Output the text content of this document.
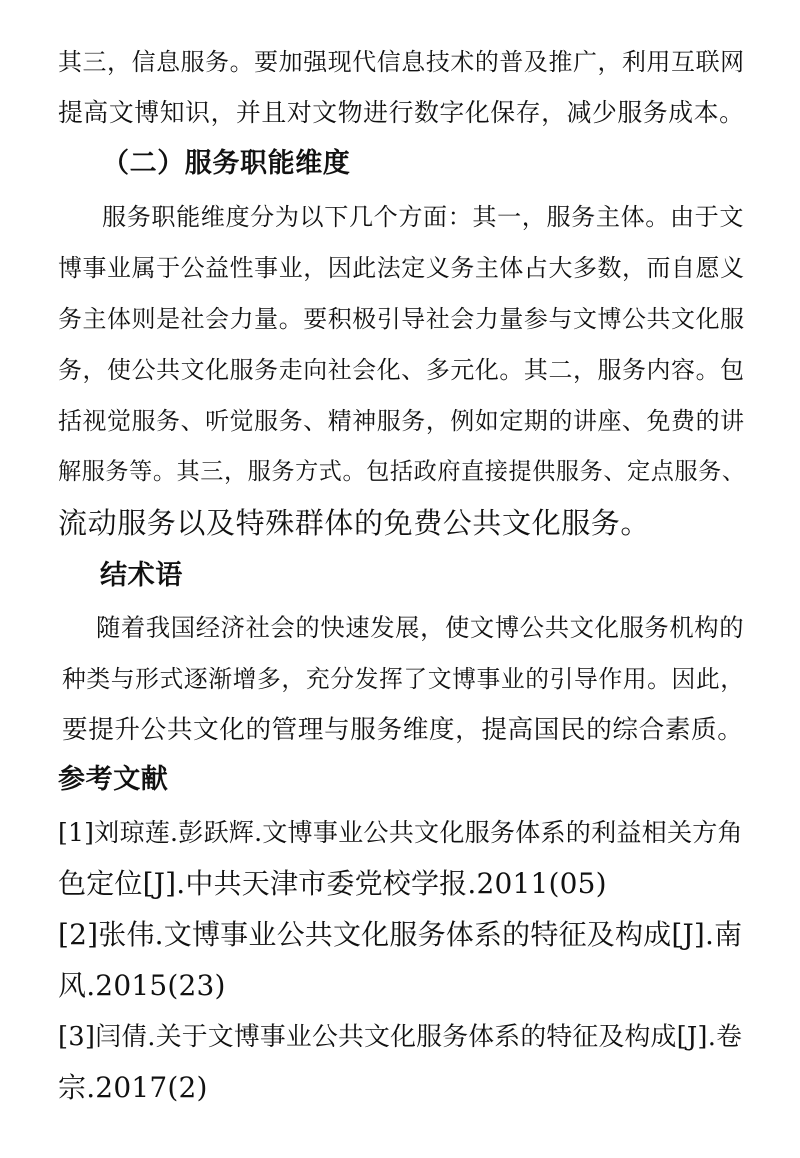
其三，信息服务。要加强现代信息技术的普及推广，利用互联网
提高文博知识，并且对文物进行数字化保存，减少服务成本。
（二）服务职能维度
服务职能维度分为以下几个方面：其一，服务主体。由于文
博事业属于公益性事业，因此法定义务主体占大多数，而自愿义
务主体则是社会力量。要积极引导社会力量参与文博公共文化服
务，使公共文化服务走向社会化、多元化。其二，服务内容。包
括视觉服务、听觉服务、精神服务，例如定期的讲座、免费的讲
解服务等。其三，服务方式。包括政府直接提供服务、定点服务、
流动服务以及特殊群体的免费公共文化服务。
结术语
随着我国经济社会的快速发展，使文博公共文化服务机构的
种类与形式逐渐增多，充分发挥了文博事业的引导作用。因此，
要提升公共文化的管理与服务维度，提高国民的综合素质。
参考文献
[1]刘琼莲.彭跃辉.文博事业公共文化服务体系的利益相关方角
色定位[J].中共天津市委党校学报.2011(05)
[2]张伟.文博事业公共文化服务体系的特征及构成[J].南
风.2015(23)
[3]闫倩.关于文博事业公共文化服务体系的特征及构成[J].卷
宗.2017(2)
